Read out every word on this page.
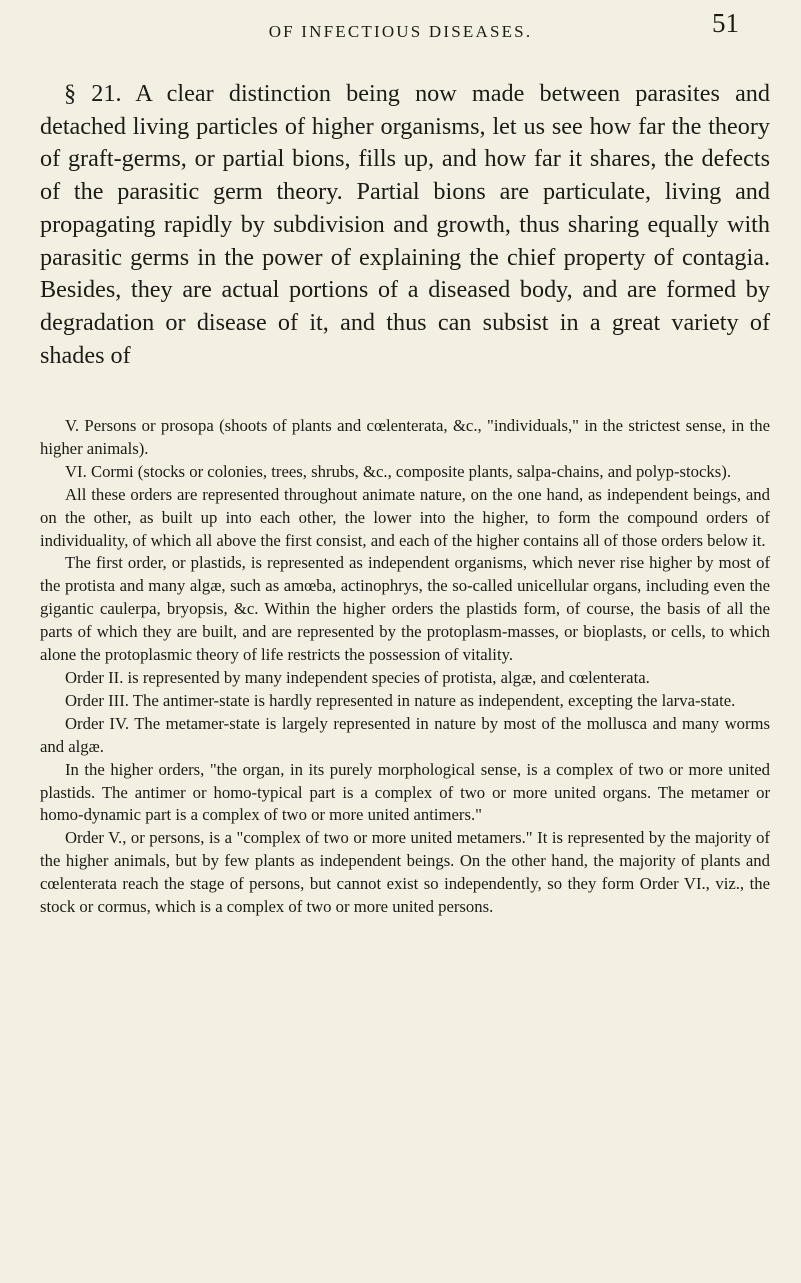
OF INFECTIOUS DISEASES.	51
§ 21. A clear distinction being now made between parasites and detached living particles of higher organisms, let us see how far the theory of graft-germs, or partial bions, fills up, and how far it shares, the defects of the parasitic germ theory. Partial bions are particulate, living and propagating rapidly by subdivision and growth, thus sharing equally with parasitic germs in the power of explaining the chief property of contagia. Besides, they are actual portions of a diseased body, and are formed by degradation or disease of it, and thus can subsist in a great variety of shades of

V. Persons or prosopa (shoots of plants and cœlenterata, &c., "individuals," in the strictest sense, in the higher animals).

VI. Cormi (stocks or colonies, trees, shrubs, &c., composite plants, salpa-chains, and polyp-stocks).

All these orders are represented throughout animate nature, on the one hand, as independent beings, and on the other, as built up into each other, the lower into the higher, to form the compound orders of individuality, of which all above the first consist, and each of the higher contains all of those orders below it.

The first order, or plastids, is represented as independent organisms, which never rise higher by most of the protista and many algæ, such as amœba, actinophrys, the so-called unicellular organs, including even the gigantic caulerpa, bryopsis, &c. Within the higher orders the plastids form, of course, the basis of all the parts of which they are built, and are represented by the protoplasm-masses, or bioplasts, or cells, to which alone the protoplasmic theory of life restricts the possession of vitality.

Order II. is represented by many independent species of protista, algæ, and cœlenterata.

Order III. The antimer-state is hardly represented in nature as independent, excepting the larva-state.

Order IV. The metamer-state is largely represented in nature by most of the mollusca and many worms and algæ.

In the higher orders, "the organ, in its purely morphological sense, is a complex of two or more united plastids. The antimer or homo-typical part is a complex of two or more united organs. The metamer or homo-dynamic part is a complex of two or more united antimers."

Order V., or persons, is a "complex of two or more united metamers." It is represented by the majority of the higher animals, but by few plants as independent beings. On the other hand, the majority of plants and cœlenterata reach the stage of persons, but cannot exist so independently, so they form Order VI., viz., the stock or cormus, which is a complex of two or more united persons.
